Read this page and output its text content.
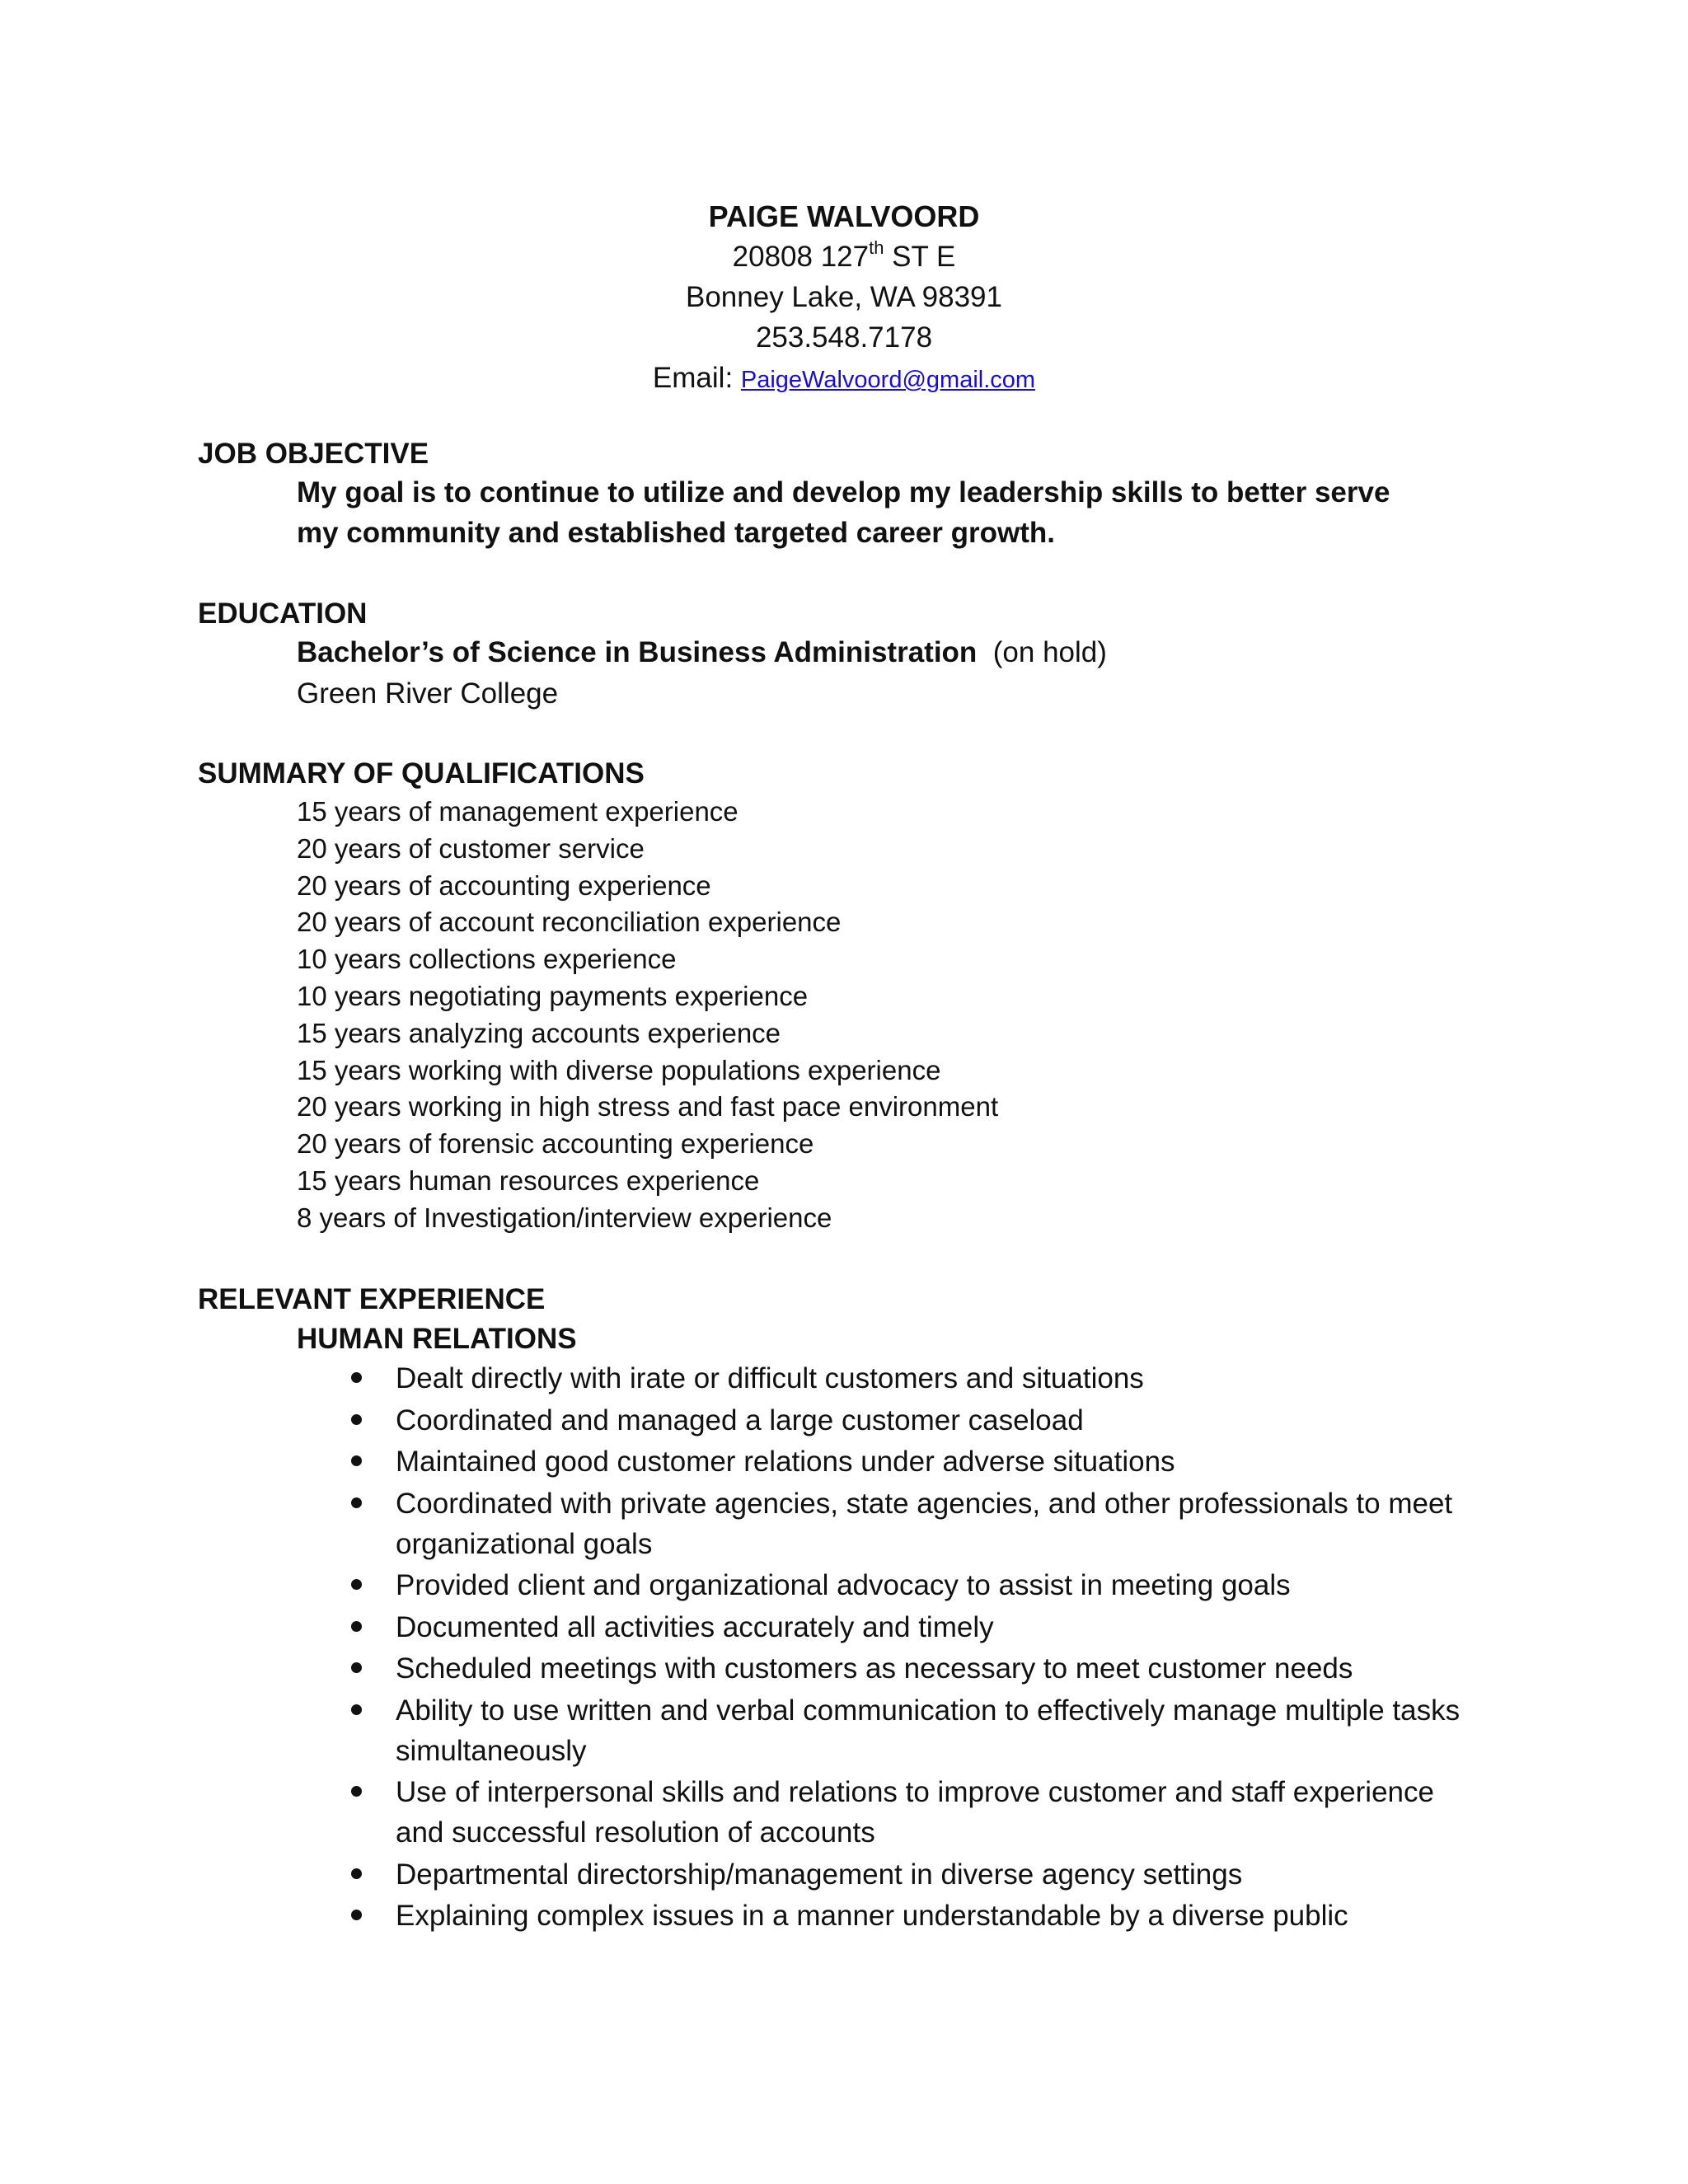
PAIGE WALVOORD
20808 127th ST E
Bonney Lake, WA 98391
253.548.7178
Email: PaigeWalvoord@gmail.com
JOB OBJECTIVE
My goal is to continue to utilize and develop my leadership skills to better serve
my community and established targeted career growth.
EDUCATION
Bachelor’s of Science in Business Administration  (on hold)
Green River College
SUMMARY OF QUALIFICATIONS
15 years of management experience
20 years of customer service
20 years of accounting experience
20 years of account reconciliation experience
10 years collections experience
10 years negotiating payments experience
15 years analyzing accounts experience
15 years working with diverse populations experience
20 years working in high stress and fast pace environment
20 years of forensic accounting experience
15 years human resources experience
8 years of Investigation/interview experience
RELEVANT EXPERIENCE
HUMAN RELATIONS
Dealt directly with irate or difficult customers and situations
Coordinated and managed a large customer caseload
Maintained good customer relations under adverse situations
Coordinated with private agencies, state agencies, and other professionals to meet organizational goals
Provided client and organizational advocacy to assist in meeting goals
Documented all activities accurately and timely
Scheduled meetings with customers as necessary to meet customer needs
Ability to use written and verbal communication to effectively manage multiple tasks simultaneously
Use of interpersonal skills and relations to improve customer and staff experience and successful resolution of accounts
Departmental directorship/management in diverse agency settings
Explaining complex issues in a manner understandable by a diverse public
